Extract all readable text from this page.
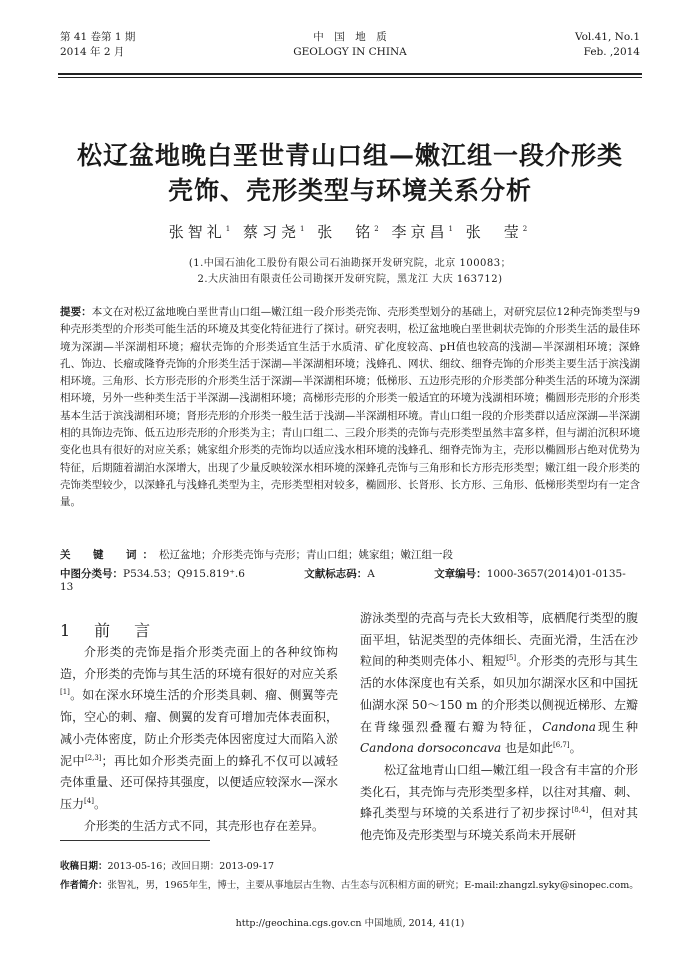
第 41 卷第 1 期
2014 年 2 月
中　国　地　质
GEOLOGY IN CHINA
Vol.41, No.1
Feb. ,2014
松辽盆地晚白垩世青山口组—嫩江组一段介形类
壳饰、壳形类型与环境关系分析
张智礼$^1$ 蔡习尧$^1$ 张　铭$^2$ 李京昌$^1$ 张　莹$^2$
(1.中国石油化工股份有限公司石油勘探开发研究院，北京 100083；
2.大庆油田有限责任公司勘探开发研究院，黑龙江 大庆 163712)
提要：本文在对松辽盆地晚白垩世青山口组—嫩江组一段介形类壳饰、壳形类型划分的基础上，对研究层位12种壳饰类型与9种壳形类型的介形类可能生活的环境及其变化特征进行了探讨。研究表明，松辽盆地晚白垩世刺状壳饰的介形类生活的最佳环境为深湖—半深湖相环境；瘤状壳饰的介形类适宜生活于水质清、矿化度较高、pH值也较高的浅湖—半深湖相环境；深蜂孔、饰边、长瘤或隆脊壳饰的介形类生活于深湖—半深湖相环境；浅蜂孔、网状、细纹、细脊壳饰的介形类主要生活于滨浅湖相环境。三角形、长方形壳形的介形类生活于深湖—半深湖相环境；低梯形、五边形壳形的介形类部分种类生活的环境为深湖相环境，另外一些种类生活于半深湖—浅湖相环境；高梯形壳形的介形类一般适宜的环境为浅湖相环境；椭圆形壳形的介形类基本生活于滨浅湖相环境；肾形壳形的介形类一般生活于浅湖—半深湖相环境。青山口组一段的介形类群以适应深湖—半深湖相的具饰边壳饰、低五边形壳形的介形类为主；青山口组二、三段介形类的壳饰与壳形类型虽然丰富多样，但与湖泊沉积环境变化也具有很好的对应关系；姚家组介形类的壳饰均以适应浅水相环境的浅蜂孔、细脊壳饰为主，壳形以椭圆形占绝对优势为特征，后期随着湖泊水深增大，出现了少量反映较深水相环境的深蜂孔壳饰与三角形和长方形壳形类型；嫩江组一段介形类的壳饰类型较少，以深蜂孔与浅蜂孔类型为主，壳形类型相对较多，椭圆形、长肾形、长方形、三角形、低梯形类型均有一定含量。
关　键　词：松辽盆地；介形类壳饰与壳形；青山口组；姚家组；嫩江组一段
中图分类号：P534.53；Q915.819⁺.6	文献标志码：A	文章编号：1000-3657(2014)01-0135-13
1　前　言

介形类的壳饰是指介形类壳面上的各种纹饰构造，介形类的壳饰与其生活的环境有很好的对应关系[1]。如在深水环境生活的介形类具刺、瘤、侧翼等壳饰，空心的刺、瘤、侧翼的发育可增加壳体表面积，减小壳体密度，防止介形类壳体因密度过大而陷入淤泥中[2,3]；再比如介形类壳面上的蜂孔不仅可以减轻壳体重量、还可保持其强度，以便适应较深水—深水压力[4]。

介形类的生活方式不同，其壳形也存在差异。

游泳类型的壳高与壳长大致相等，底栖爬行类型的腹面平坦，钻泥类型的壳体细长、壳面光滑，生活在沙粒间的种类则壳体小、粗短[5]。介形类的壳形与其生活的水体深度也有关系，如贝加尔湖深水区和中国抚仙湖水深 50～150 m 的介形类以侧视近梯形、左瓣在背缘强烈叠覆右瓣为特征，Candona现生种 Candona dorsoconcava 也是如此[6,7]。

松辽盆地青山口组—嫩江组一段含有丰富的介形类化石，其壳饰与壳形类型多样，以往对其瘤、刺、蜂孔类型与环境的关系进行了初步探讨[8,4]，但对其他壳饰及壳形类型与环境关系尚未开展研

收稿日期：2013-05-16；改回日期：2013-09-17
作者简介：张智礼，男，1965年生，博士，主要从事地层古生物、古生态与沉积相方面的研究；E-mail:zhangzl.syky@sinopec.com。
http://geochina.cgs.gov.cn 中国地质, 2014, 41(1)
